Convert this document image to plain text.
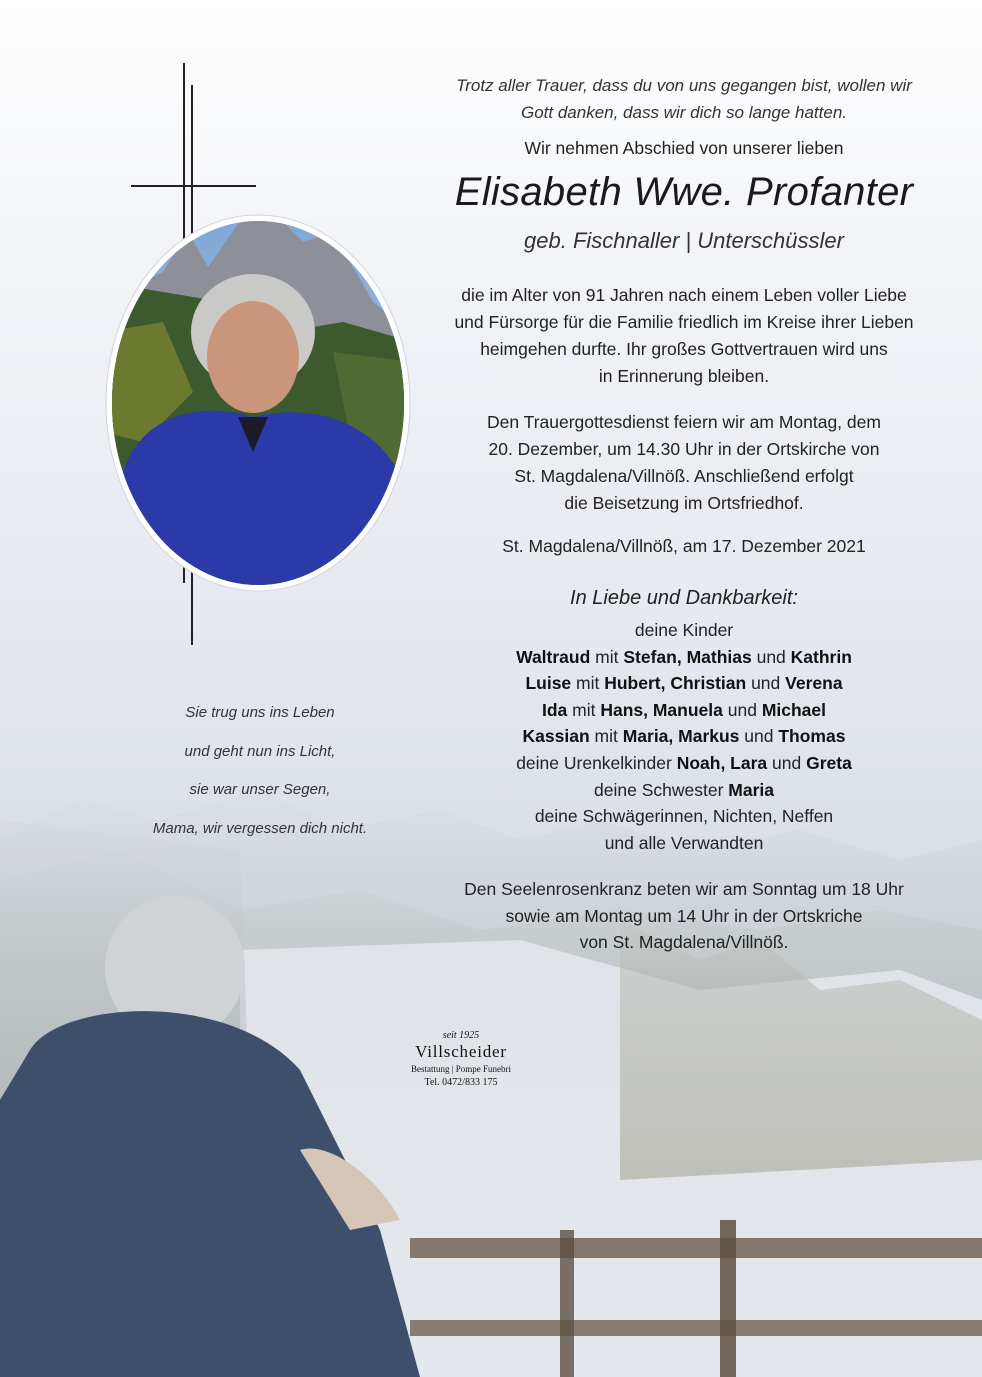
Trotz aller Trauer, dass du von uns gegangen bist, wollen wir
Gott danken, dass wir dich so lange hatten.
Wir nehmen Abschied von unserer lieben
Elisabeth Wwe. Profanter
geb. Fischnaller | Unterschüssler
die im Alter von 91 Jahren nach einem Leben voller Liebe
und Fürsorge für die Familie friedlich im Kreise ihrer Lieben
heimgehen durfte. Ihr großes Gottvertrauen wird uns
in Erinnerung bleiben.
Den Trauergottesdienst feiern wir am Montag, dem
20. Dezember, um 14.30 Uhr in der Ortskirche von
St. Magdalena/Villnöß. Anschließend erfolgt
die Beisetzung im Ortsfriedhof.
St. Magdalena/Villnöß, am 17. Dezember 2021
In Liebe und Dankbarkeit:
deine Kinder
Waltraud mit Stefan, Mathias und Kathrin
Luise mit Hubert, Christian und Verena
Ida mit Hans, Manuela und Michael
Kassian mit Maria, Markus und Thomas
deine Urenkelkinder Noah, Lara und Greta
deine Schwester Maria
deine Schwägerinnen, Nichten, Neffen
und alle Verwandten
Den Seelenrosenkranz beten wir am Sonntag um 18 Uhr
sowie am Montag um 14 Uhr in der Ortskriche
von St. Magdalena/Villnöß.
Sie trug uns ins Leben
und geht nun ins Licht,
sie war unser Segen,
Mama, wir vergessen dich nicht.
seit 1925
Villscheider
Bestattung | Pompe Funebri
Tel. 0472/833 175
